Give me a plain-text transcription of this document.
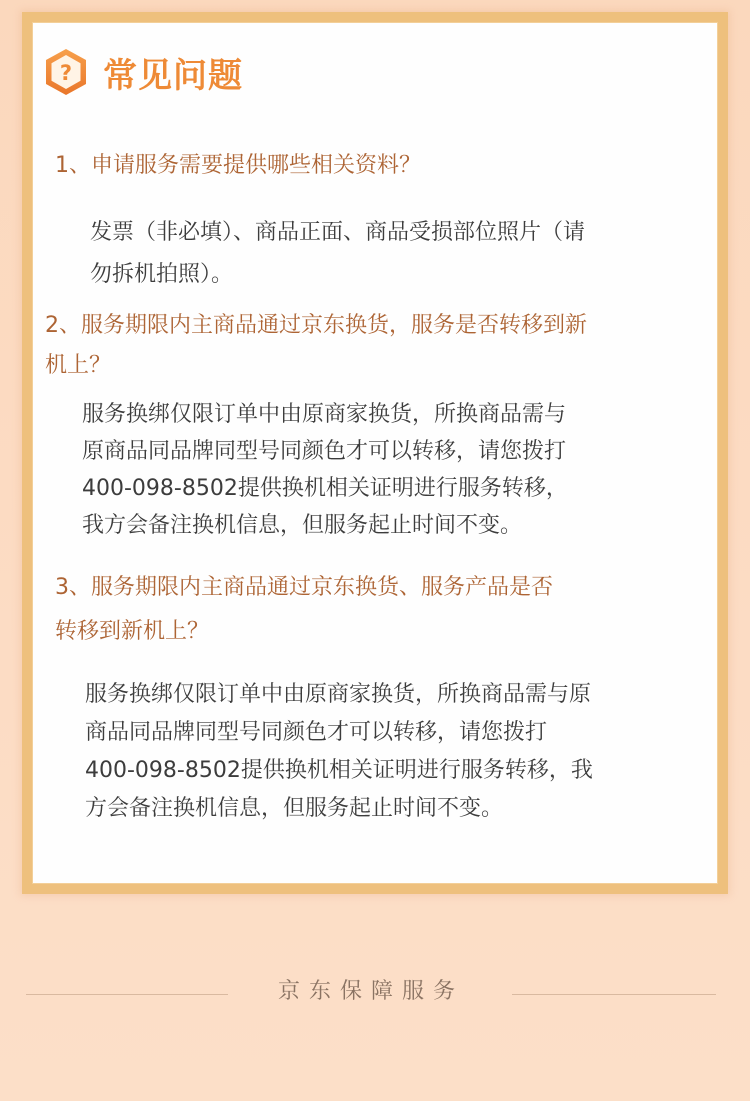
? 常见问题

1、申请服务需要提供哪些相关资料？

发票（非必填）、商品正面、商品受损部位照片（请
勿拆机拍照）。

2、服务期限内主商品通过京东换货，服务是否转移到新
机上？

服务换绑仅限订单中由原商家换货，所换商品需与
原商品同品牌同型号同颜色才可以转移，请您拨打
400-098-8502提供换机相关证明进行服务转移，
我方会备注换机信息，但服务起止时间不变。

3、服务期限内主商品通过京东换货、服务产品是否
转移到新机上？

服务换绑仅限订单中由原商家换货，所换商品需与原
商品同品牌同型号同颜色才可以转移，请您拨打
400-098-8502提供换机相关证明进行服务转移，我
方会备注换机信息，但服务起止时间不变。

京东保障服务
